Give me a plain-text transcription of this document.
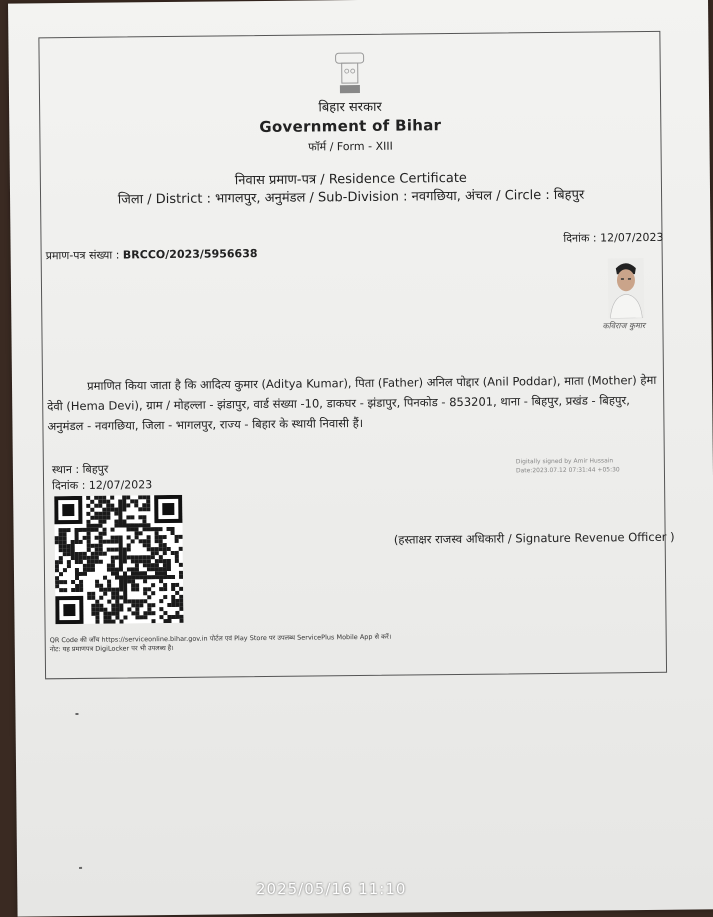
बिहार सरकार
Government of Bihar
फॉर्म / Form - XIII
निवास प्रमाण-पत्र / Residence Certificate
जिला / District : भागलपुर, अनुमंडल / Sub-Division : नवगछिया, अंचल / Circle : बिहपुर
प्रमाण-पत्र संख्या : BRCCO/2023/5956638
दिनांक : 12/07/2023
कविराज कुमार
प्रमाणित किया जाता है कि आदित्य कुमार (Aditya Kumar), पिता (Father) अनिल पोद्दार (Anil Poddar), माता (Mother) हेमा देवी (Hema Devi), ग्राम / मोहल्ला - झंडापुर, वार्ड संख्या -10, डाकघर - झंडापुर, पिनकोड - 853201, थाना - बिहपुर, प्रखंड - बिहपुर, अनुमंडल - नवगछिया, जिला - भागलपुर, राज्य - बिहार के स्थायी निवासी हैं।
स्थान : बिहपुर
दिनांक : 12/07/2023
Digitally signed by Amir Hussain
Date:2023.07.12 07:31:44 +05:30
(हस्ताक्षर राजस्व अधिकारी / Signature Revenue Officer )
QR Code की जाँच https://serviceonline.bihar.gov.in पोर्टल एवं Play Store पर उपलब्ध ServicePlus Mobile App से करें।
नोट: यह प्रमाणपत्र DigiLocker पर भी उपलब्ध है।
2025/05/16 11:10
